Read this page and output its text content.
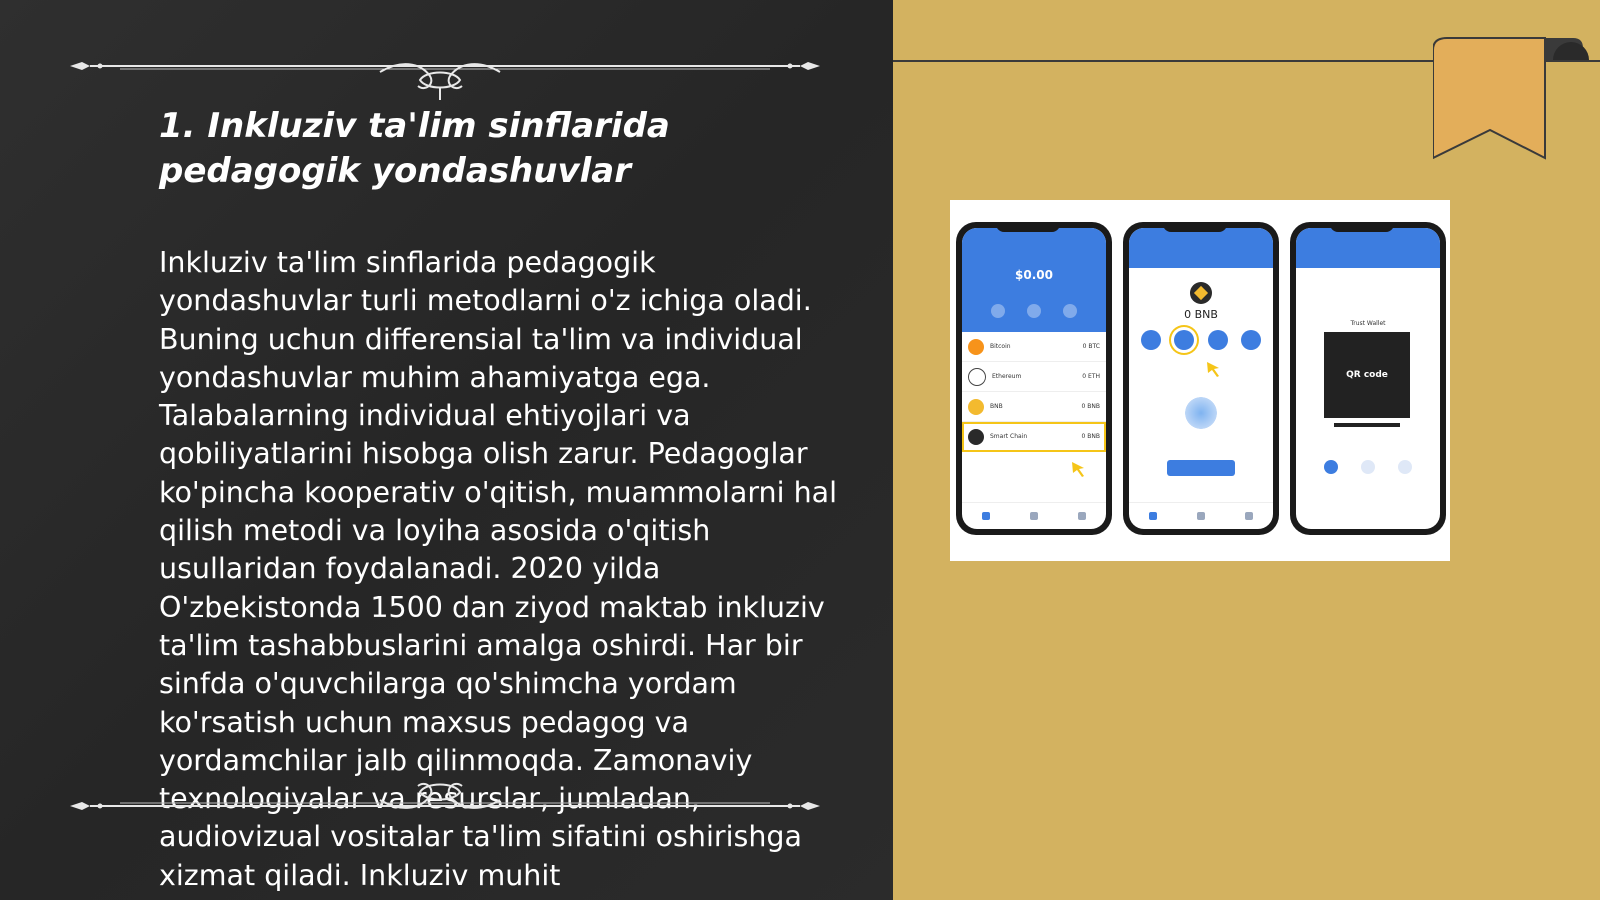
1. Inkluziv ta'lim sinflarida pedagogik yondashuvlar

Inkluziv ta'lim sinflarida pedagogik yondashuvlar turli metodlarni o'z ichiga oladi. Buning uchun differensial ta'lim va individual yondashuvlar muhim ahamiyatga ega. Talabalarning individual ehtiyojlari va qobiliyatlarini hisobga olish zarur. Pedagoglar ko'pincha kooperativ o'qitish, muammolarni hal qilish metodi va loyiha asosida o'qitish usullaridan foydalanadi. 2020 yilda O'zbekistonda 1500 dan ziyod maktab inkluziv ta'lim tashabbuslarini amalga oshirdi. Har bir sinfda o'quvchilarga qo'shimcha yordam ko'rsatish uchun maxsus pedagog va yordamchilar jalb qilinmoqda. Zamonaviy texnologiyalar va resurslar, jumladan, audiovizual vositalar ta'lim sifatini oshirishga xizmat qiladi. Inkluziv muhit

$0.00
Bitcoin	0 BTC
Ethereum	0 ETH
BNB	0 BNB
Smart Chain	0 BNB
0 BNB
Trust Wallet
QR code
